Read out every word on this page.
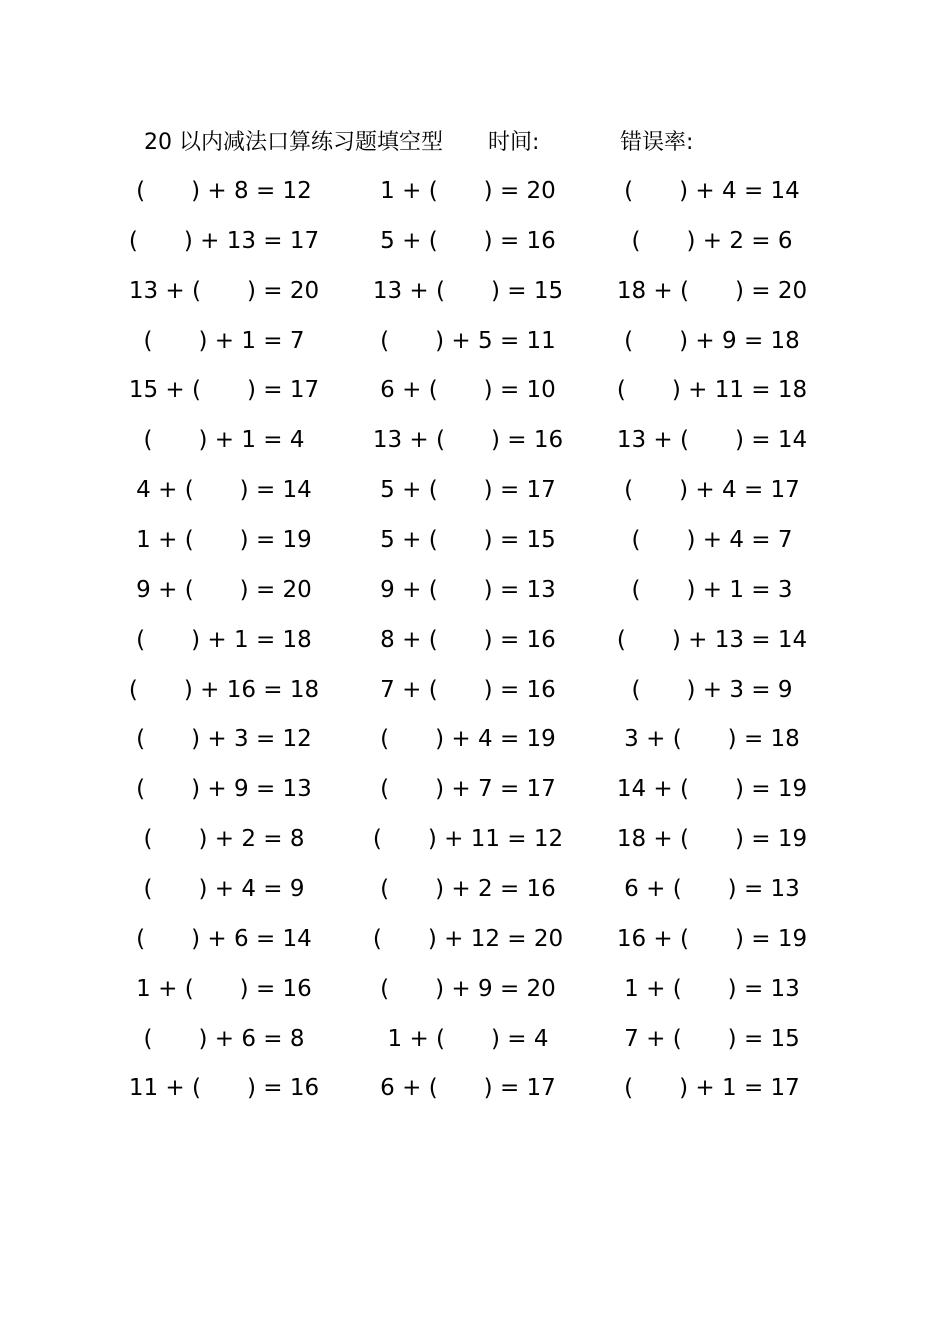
20 以内减法口算练习题填空型 时间:	错误率:
(　　) + 8 = 12	1 + (　　) = 20	(　　) + 4 = 14
(　　) + 13 = 17	5 + (　　) = 16	(　　) + 2 = 6
13 + (　　) = 20	13 + (　　) = 15	18 + (　　) = 20
(　　) + 1 = 7	(　　) + 5 = 11	(　　) + 9 = 18
15 + (　　) = 17	6 + (　　) = 10	(　　) + 11 = 18
(　　) + 1 = 4	13 + (　　) = 16	13 + (　　) = 14
4 + (　　) = 14	5 + (　　) = 17	(　　) + 4 = 17
1 + (　　) = 19	5 + (　　) = 15	(　　) + 4 = 7
9 + (　　) = 20	9 + (　　) = 13	(　　) + 1 = 3
(　　) + 1 = 18	8 + (　　) = 16	(　　) + 13 = 14
(　　) + 16 = 18	7 + (　　) = 16	(　　) + 3 = 9
(　　) + 3 = 12	(　　) + 4 = 19	3 + (　　) = 18
(　　) + 9 = 13	(　　) + 7 = 17	14 + (　　) = 19
(　　) + 2 = 8	(　　) + 11 = 12	18 + (　　) = 19
(　　) + 4 = 9	(　　) + 2 = 16	6 + (　　) = 13
(　　) + 6 = 14	(　　) + 12 = 20	16 + (　　) = 19
1 + (　　) = 16	(　　) + 9 = 20	1 + (　　) = 13
(　　) + 6 = 8	1 + (　　) = 4	7 + (　　) = 15
11 + (　　) = 16	6 + (　　) = 17	(　　) + 1 = 17
